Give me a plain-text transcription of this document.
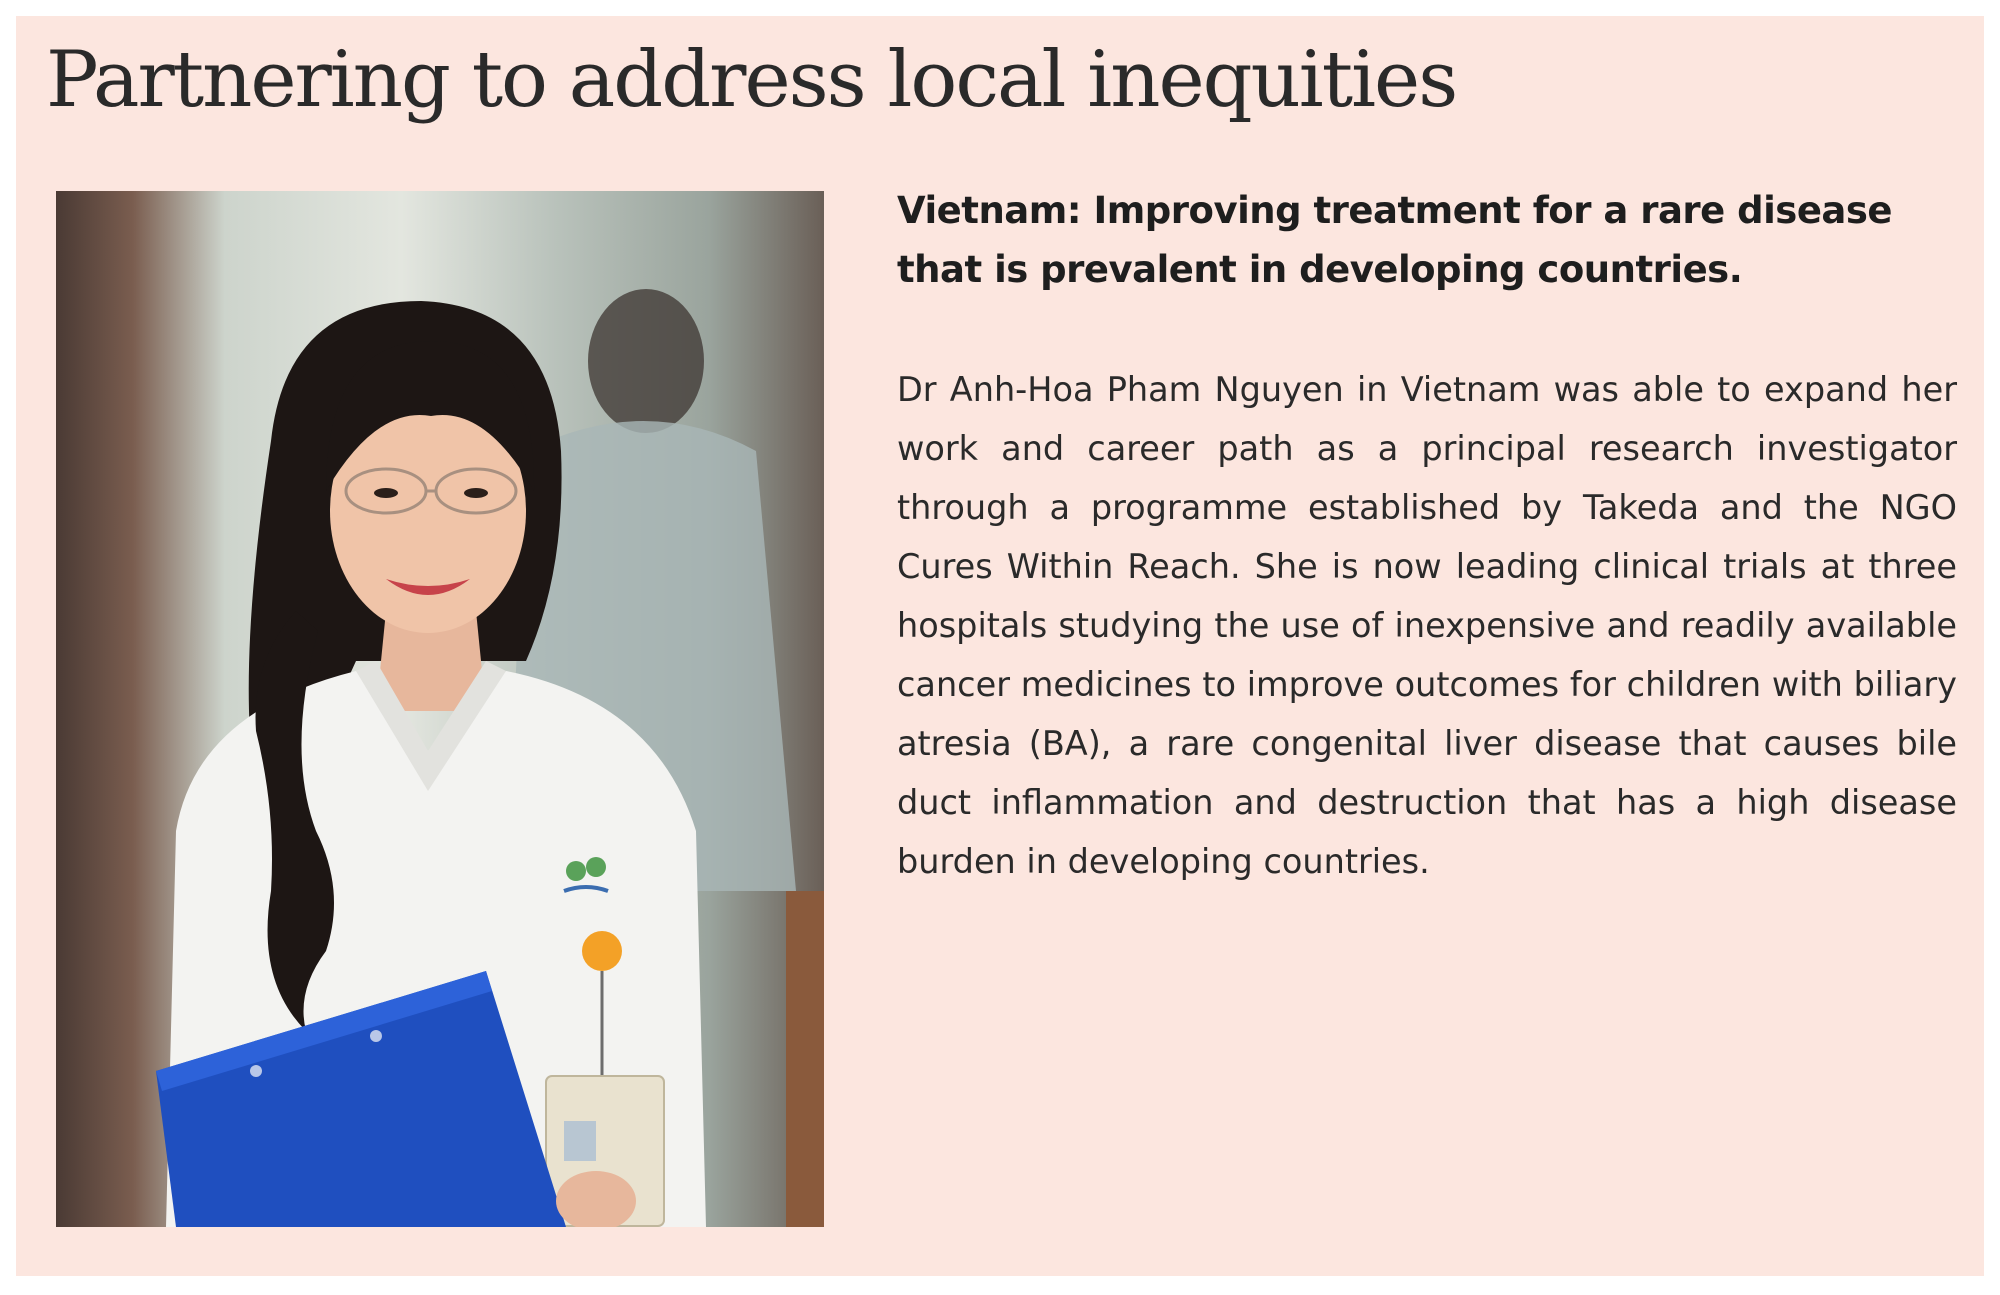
Partnering to address local inequities
Vietnam: Improving treatment for a rare disease that is prevalent in developing countries.

Dr Anh-Hoa Pham Nguyen in Vietnam was able to expand her work and career path as a principal research investigator through a programme established by Takeda and the NGO Cures Within Reach. She is now leading clinical trials at three hospitals studying the use of inexpensive and readily available cancer medicines to improve outcomes for children with biliary atresia (BA), a rare congenital liver disease that causes bile duct inflammation and destruction that has a high disease burden in developing countries.
